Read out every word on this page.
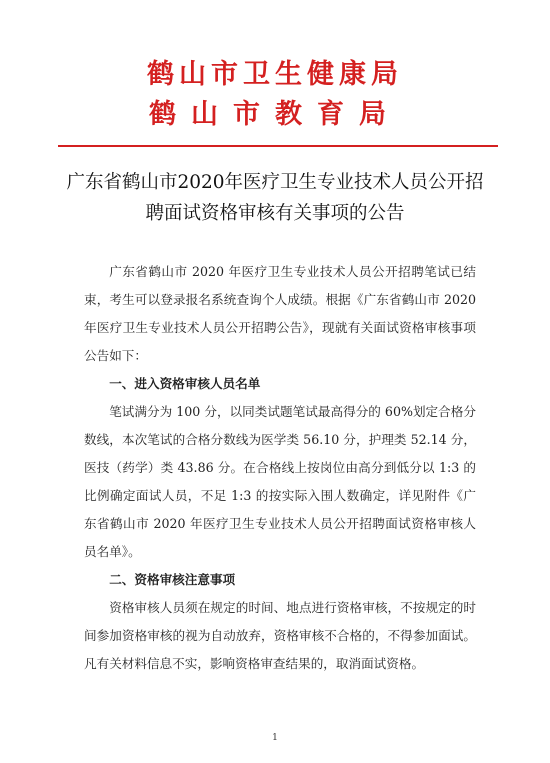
鹤山市卫生健康局
鹤山市教育局
广东省鹤山市2020年医疗卫生专业技术人员公开招聘面试资格审核有关事项的公告

广东省鹤山市 2020 年医疗卫生专业技术人员公开招聘笔试已结束，考生可以登录报名系统查询个人成绩。根据《广东省鹤山市 2020 年医疗卫生专业技术人员公开招聘公告》，现就有关面试资格审核事项公告如下：

一、进入资格审核人员名单

笔试满分为 100 分，以同类试题笔试最高得分的 60%划定合格分数线，本次笔试的合格分数线为医学类 56.10 分，护理类 52.14 分，医技（药学）类 43.86 分。在合格线上按岗位由高分到低分以 1:3 的比例确定面试人员，不足 1:3 的按实际入围人数确定，详见附件《广东省鹤山市 2020 年医疗卫生专业技术人员公开招聘面试资格审核人员名单》。

二、资格审核注意事项

资格审核人员须在规定的时间、地点进行资格审核，不按规定的时间参加资格审核的视为自动放弃，资格审核不合格的，不得参加面试。凡有关材料信息不实，影响资格审查结果的，取消面试资格。

1
